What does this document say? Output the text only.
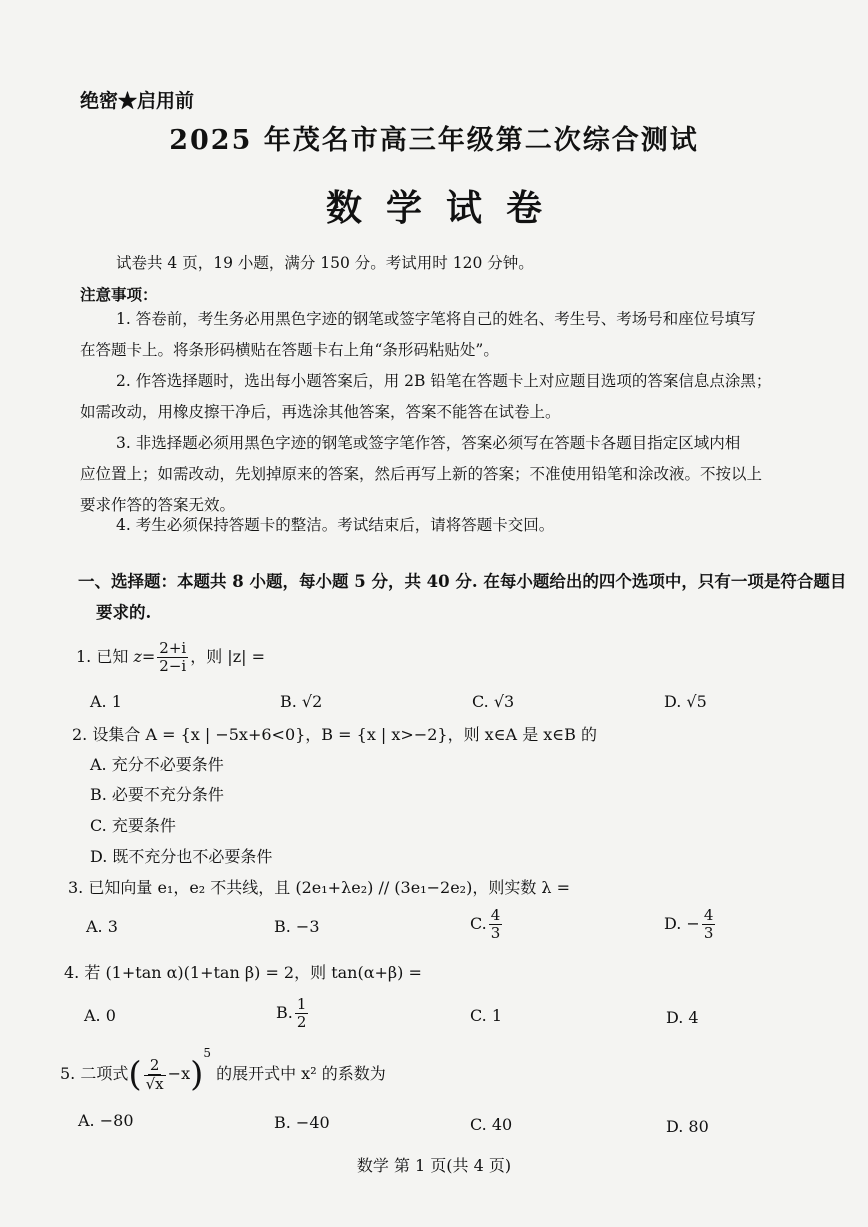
绝密★启用前
2025 年茂名市高三年级第二次综合测试
数学试卷
试卷共 4 页，19 小题，满分 150 分。考试用时 120 分钟。
注意事项：
1. 答卷前，考生务必用黑色字迹的钢笔或签字笔将自己的姓名、考生号、考场号和座位号填写
在答题卡上。将条形码横贴在答题卡右上角“条形码粘贴处”。
2. 作答选择题时，选出每小题答案后，用 2B 铅笔在答题卡上对应题目选项的答案信息点涂黑；
如需改动，用橡皮擦干净后，再选涂其他答案，答案不能答在试卷上。
3. 非选择题必须用黑色字迹的钢笔或签字笔作答，答案必须写在答题卡各题目指定区域内相
应位置上；如需改动，先划掉原来的答案，然后再写上新的答案；不准使用铅笔和涂改液。不按以上
要求作答的答案无效。
4. 考生必须保持答题卡的整洁。考试结束后，请将答题卡交回。
一、选择题：本题共 8 小题，每小题 5 分，共 40 分. 在每小题给出的四个选项中，只有一项是符合题目
要求的.
1. 已知 $z= \frac{2+i}{2-i}$ ，则 |z| =
A. 1	B. √2	C. √3	D. √5
2. 设集合 A = {x | −5x+6<0}，B = {x | x>−2}，则 x∈A 是 x∈B 的
A. 充分不必要条件
B. 必要不充分条件
C. 充要条件
D. 既不充分也不必要条件
3. 已知向量 e₁，e₂ 不共线，且 (2e₁+λe₂) // (3e₁−2e₂)，则实数 λ =
A. 3	B. −3	C. $\frac{4}{3}$	D. − $\frac{4}{3}$
4. 若 (1+tan α)(1+tan β) = 2，则 tan(α+β) =
A. 0	B. $\frac{1}{2}$	C. 1	D. 4
5. 二项式( $\frac{2}{√x} -x)^5$ 的展开式中 x² 的系数为
A. −80	B. −40	C. 40	D. 80
数学 第 1 页(共 4 页)
